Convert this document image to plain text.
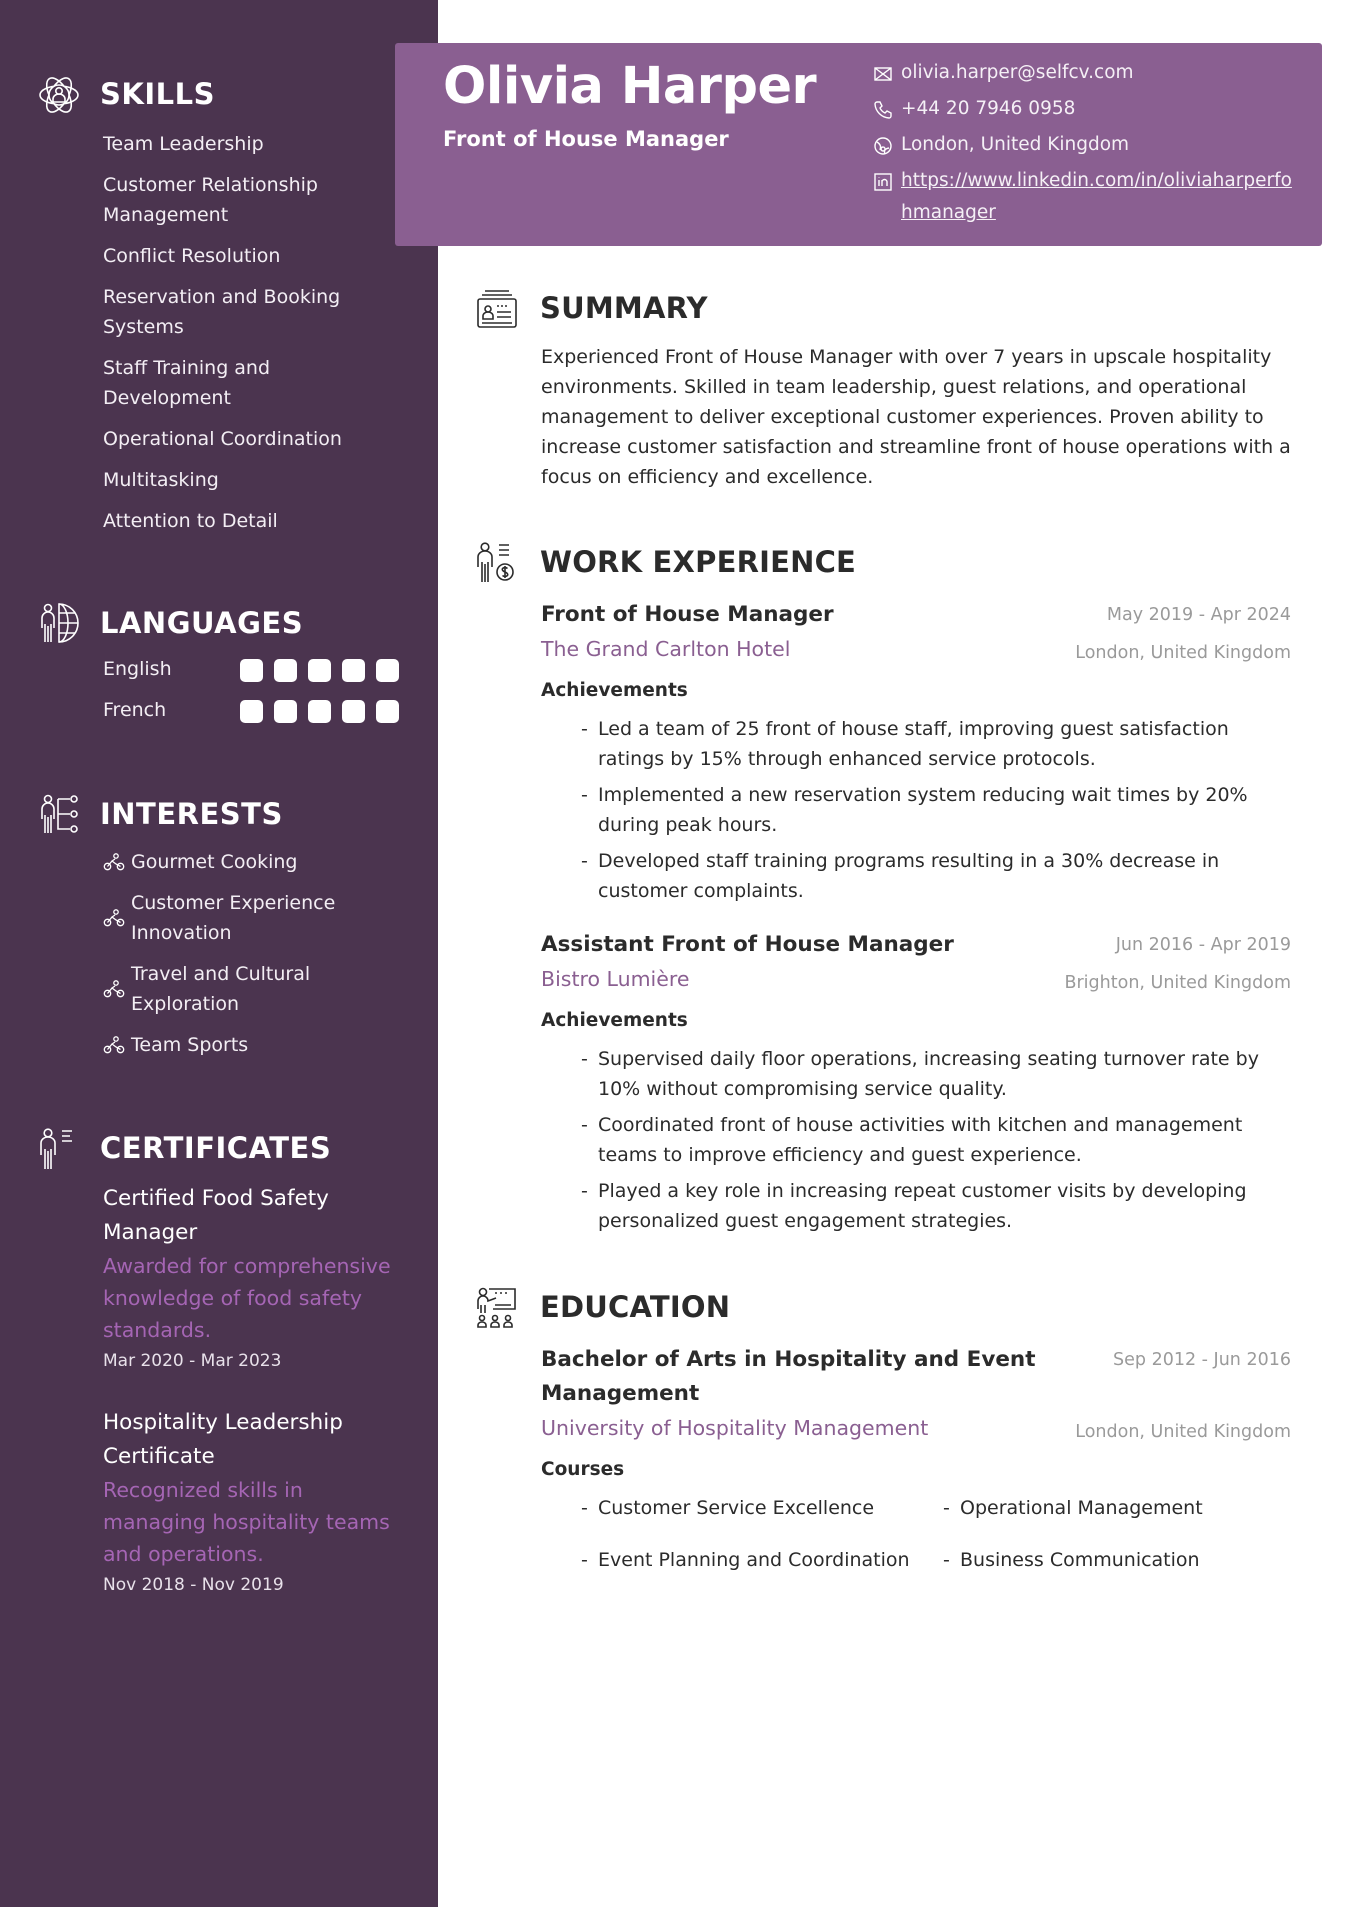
SKILLS
Team Leadership
Customer Relationship Management
Conflict Resolution
Reservation and Booking Systems
Staff Training and Development
Operational Coordination
Multitasking
Attention to Detail
LANGUAGES
English
French
INTERESTS
Gourmet Cooking
Customer Experience Innovation
Travel and Cultural Exploration
Team Sports
CERTIFICATES
Certified Food Safety Manager
Awarded for comprehensive knowledge of food safety standards.
Mar 2020 - Mar 2023
Hospitality Leadership Certificate
Recognized skills in managing hospitality teams and operations.
Nov 2018 - Nov 2019
Olivia Harper
Front of House Manager
olivia.harper@selfcv.com
+44 20 7946 0958
London, United Kingdom
https://www.linkedin.com/in/oliviaharperfohmanager
SUMMARY

Experienced Front of House Manager with over 7 years in upscale hospitality environments. Skilled in team leadership, guest relations, and operational management to deliver exceptional customer experiences. Proven ability to increase customer satisfaction and streamline front of house operations with a focus on efficiency and excellence.

WORK EXPERIENCE
Front of House Manager	May 2019 - Apr 2024
The Grand Carlton Hotel	London, United Kingdom
Achievements
- Led a team of 25 front of house staff, improving guest satisfaction ratings by 15% through enhanced service protocols.
- Implemented a new reservation system reducing wait times by 20% during peak hours.
- Developed staff training programs resulting in a 30% decrease in customer complaints.
Assistant Front of House Manager	Jun 2016 - Apr 2019
Bistro Lumière	Brighton, United Kingdom
Achievements
- Supervised daily floor operations, increasing seating turnover rate by 10% without compromising service quality.
- Coordinated front of house activities with kitchen and management teams to improve efficiency and guest experience.
- Played a key role in increasing repeat customer visits by developing personalized guest engagement strategies.
EDUCATION
Bachelor of Arts in Hospitality and Event Management
Sep 2012 - Jun 2016
University of Hospitality Management	London, United Kingdom
Courses
- Customer Service Excellence	- Operational Management
- Event Planning and Coordination	- Business Communication
